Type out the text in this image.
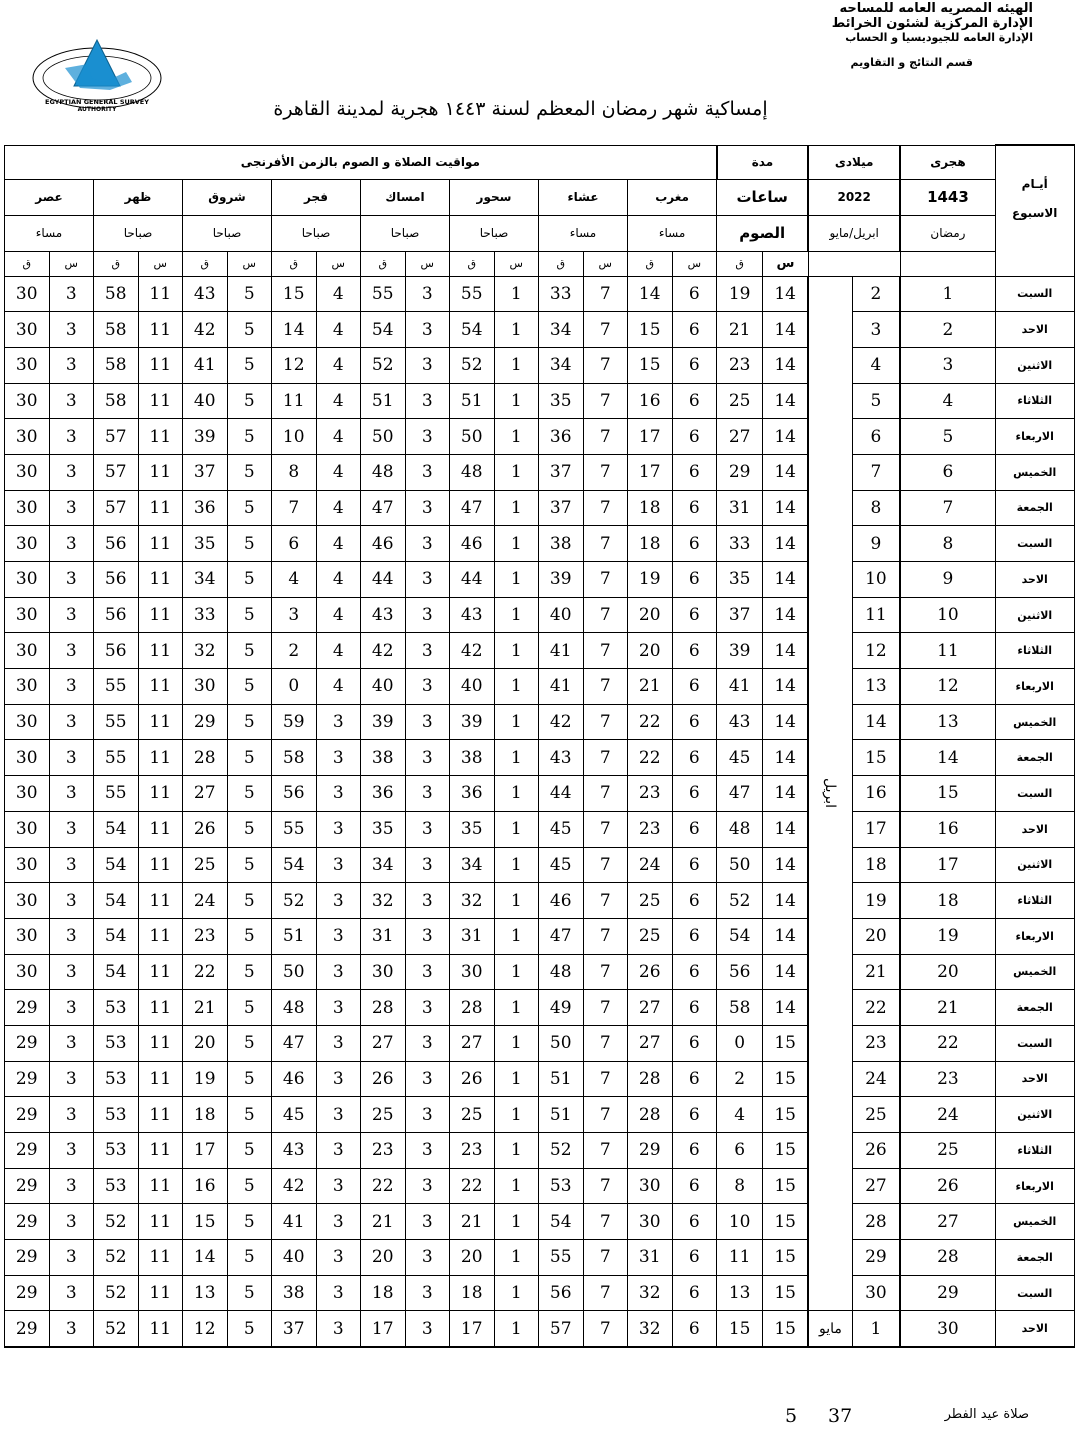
الهيئه المصريه العامه للمساحه
الإدارة المركزية لشئون الخرائط
الإدارة العامه للجيوديسيا و الحساب
قسم النتائج و التقاويم
EGYPTIAN GENERAL SURVEY
AUTHORITY	إمساكية شهر رمضان المعظم لسنة ١٤٤٣ هجرية لمدينة القاهرة
مواقيت الصلاة و الصوم بالزمن الأفرنجى																مدة		ميلادى		هجرى	أيـام
الاسبوع

عصر		ظهر		شروق		فجر		امساك		سحور		عشاء		مغرب		ساعات		2022		1443	
مساء		صباحا		صباحا		صباحا		صباحا		صباحا		مساء		مساء		الصوم		ابريل/مايو		رمضان	
ق	س	ق	س	ق	س	ق	س	ق	س	ق	س	ق	س	ق	س	ق	س				
30	3	58	11	43	5	15	4	55	3	55	1	33	7	14	6	19	14	ابريل	2	1	السبت
30	3	58	11	42	5	14	4	54	3	54	1	34	7	15	6	21	14		3	2	الاحد
30	3	58	11	41	5	12	4	52	3	52	1	34	7	15	6	23	14		4	3	الاثنين
30	3	58	11	40	5	11	4	51	3	51	1	35	7	16	6	25	14		5	4	الثلاثاء
30	3	57	11	39	5	10	4	50	3	50	1	36	7	17	6	27	14		6	5	الاربعاء
30	3	57	11	37	5	8	4	48	3	48	1	37	7	17	6	29	14		7	6	الخميس
30	3	57	11	36	5	7	4	47	3	47	1	37	7	18	6	31	14		8	7	الجمعة
30	3	56	11	35	5	6	4	46	3	46	1	38	7	18	6	33	14		9	8	السبت
30	3	56	11	34	5	4	4	44	3	44	1	39	7	19	6	35	14		10	9	الاحد
30	3	56	11	33	5	3	4	43	3	43	1	40	7	20	6	37	14		11	10	الاثنين
30	3	56	11	32	5	2	4	42	3	42	1	41	7	20	6	39	14		12	11	الثلاثاء
30	3	55	11	30	5	0	4	40	3	40	1	41	7	21	6	41	14		13	12	الاربعاء
30	3	55	11	29	5	59	3	39	3	39	1	42	7	22	6	43	14		14	13	الخميس
30	3	55	11	28	5	58	3	38	3	38	1	43	7	22	6	45	14		15	14	الجمعة
30	3	55	11	27	5	56	3	36	3	36	1	44	7	23	6	47	14		16	15	السبت
30	3	54	11	26	5	55	3	35	3	35	1	45	7	23	6	48	14		17	16	الاحد
30	3	54	11	25	5	54	3	34	3	34	1	45	7	24	6	50	14		18	17	الاثنين
30	3	54	11	24	5	52	3	32	3	32	1	46	7	25	6	52	14		19	18	الثلاثاء
30	3	54	11	23	5	51	3	31	3	31	1	47	7	25	6	54	14		20	19	الاربعاء
30	3	54	11	22	5	50	3	30	3	30	1	48	7	26	6	56	14		21	20	الخميس
29	3	53	11	21	5	48	3	28	3	28	1	49	7	27	6	58	14		22	21	الجمعة
29	3	53	11	20	5	47	3	27	3	27	1	50	7	27	6	0	15		23	22	السبت
29	3	53	11	19	5	46	3	26	3	26	1	51	7	28	6	2	15		24	23	الاحد
29	3	53	11	18	5	45	3	25	3	25	1	51	7	28	6	4	15		25	24	الاثنين
29	3	53	11	17	5	43	3	23	3	23	1	52	7	29	6	6	15		26	25	الثلاثاء
29	3	53	11	16	5	42	3	22	3	22	1	53	7	30	6	8	15		27	26	الاربعاء
29	3	52	11	15	5	41	3	21	3	21	1	54	7	30	6	10	15		28	27	الخميس
29	3	52	11	14	5	40	3	20	3	20	1	55	7	31	6	11	15		29	28	الجمعة
29	3	52	11	13	5	38	3	18	3	18	1	56	7	32	6	13	15		30	29	السبت
29	3	52	11	12	5	37	3	17	3	17	1	57	7	32	6	15	15	مايو	1	30	الاحد
صلاة عيد الفطر
37
5
